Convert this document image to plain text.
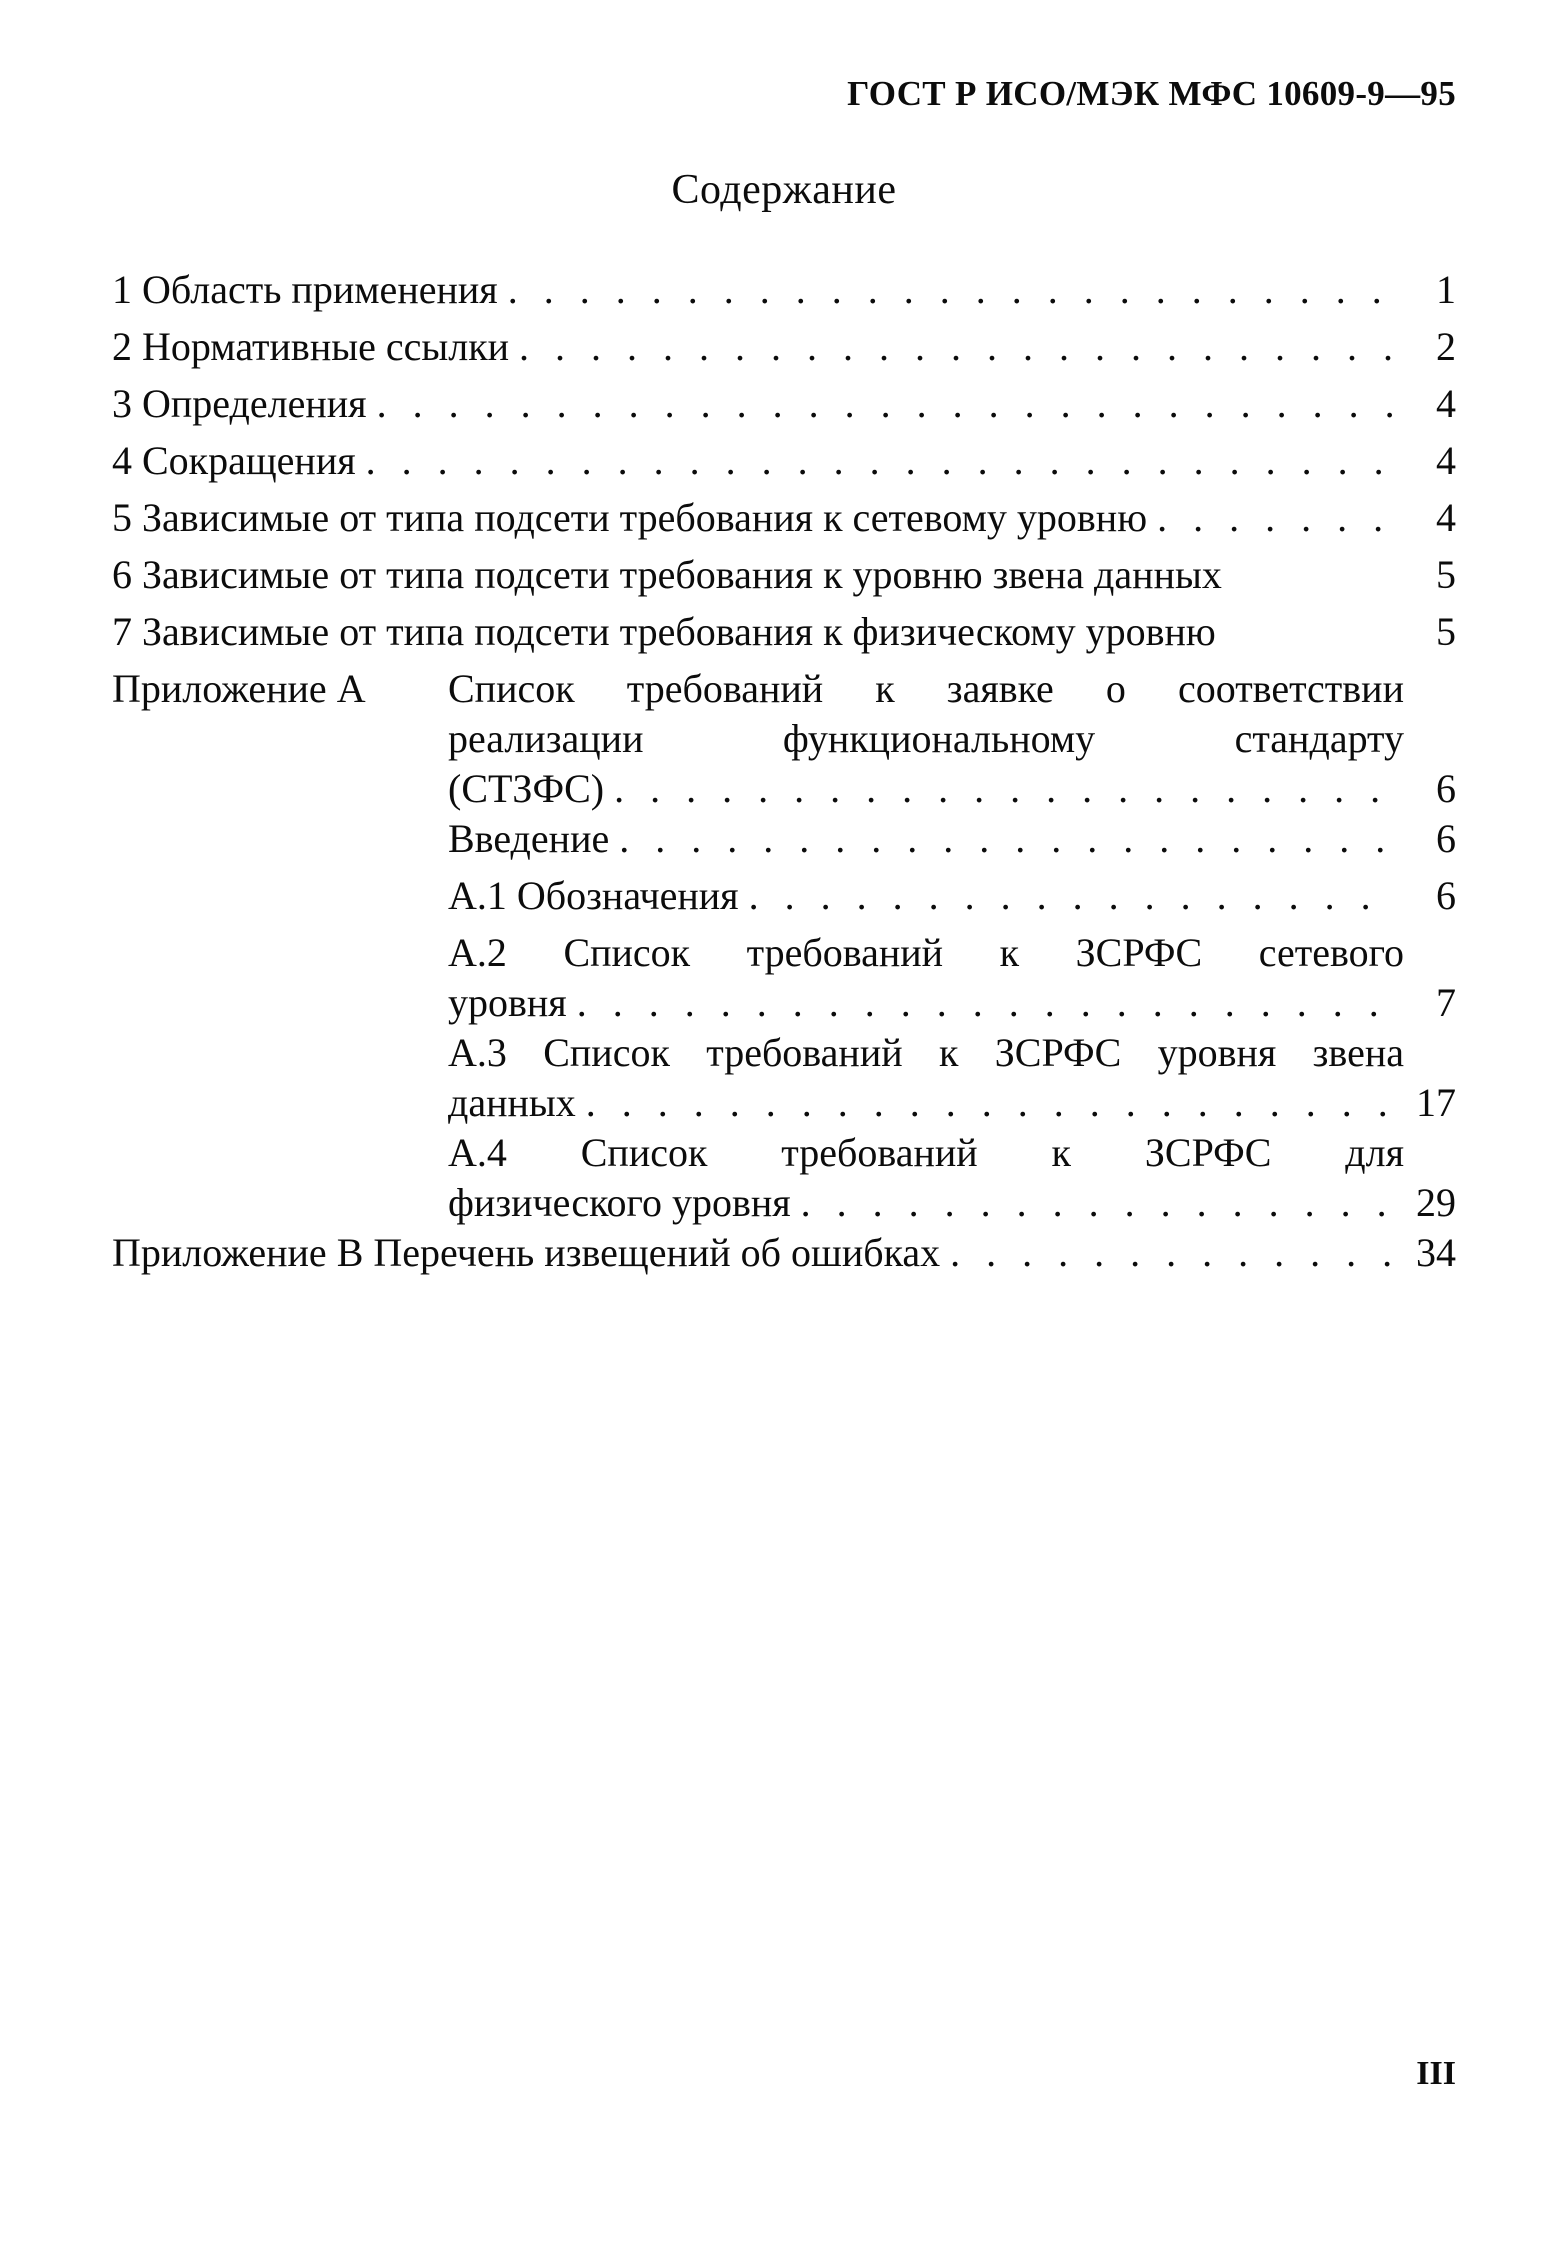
ГОСТ Р ИСО/МЭК МФС 10609-9—95
Содержание
1 Область применения . . .	1
2 Нормативные ссылки . . .	2
3 Определения . . .	4
4 Сокращения . . .	4
5 Зависимые от типа подсети требования к сетевому уровню . . .	4
6 Зависимые от типа подсети требования к уровню звена данных	5
7 Зависимые от типа подсети требования к физическому уровню	5
Приложение А	Список требований к заявке о соответствии
реализации функциональному стандарту
(СТЗФС) . . .	6
Введение . . .	6
А.1 Обозначения . . .	6
А.2 Список требований к ЗСРФС сетевого
уровня . . .	7
А.3 Список требований к ЗСРФС уровня звена
данных . . .	17
А.4 Список требований к ЗСРФС для
физического уровня . . .	29
Приложение В Перечень извещений об ошибках . . .	34
III
